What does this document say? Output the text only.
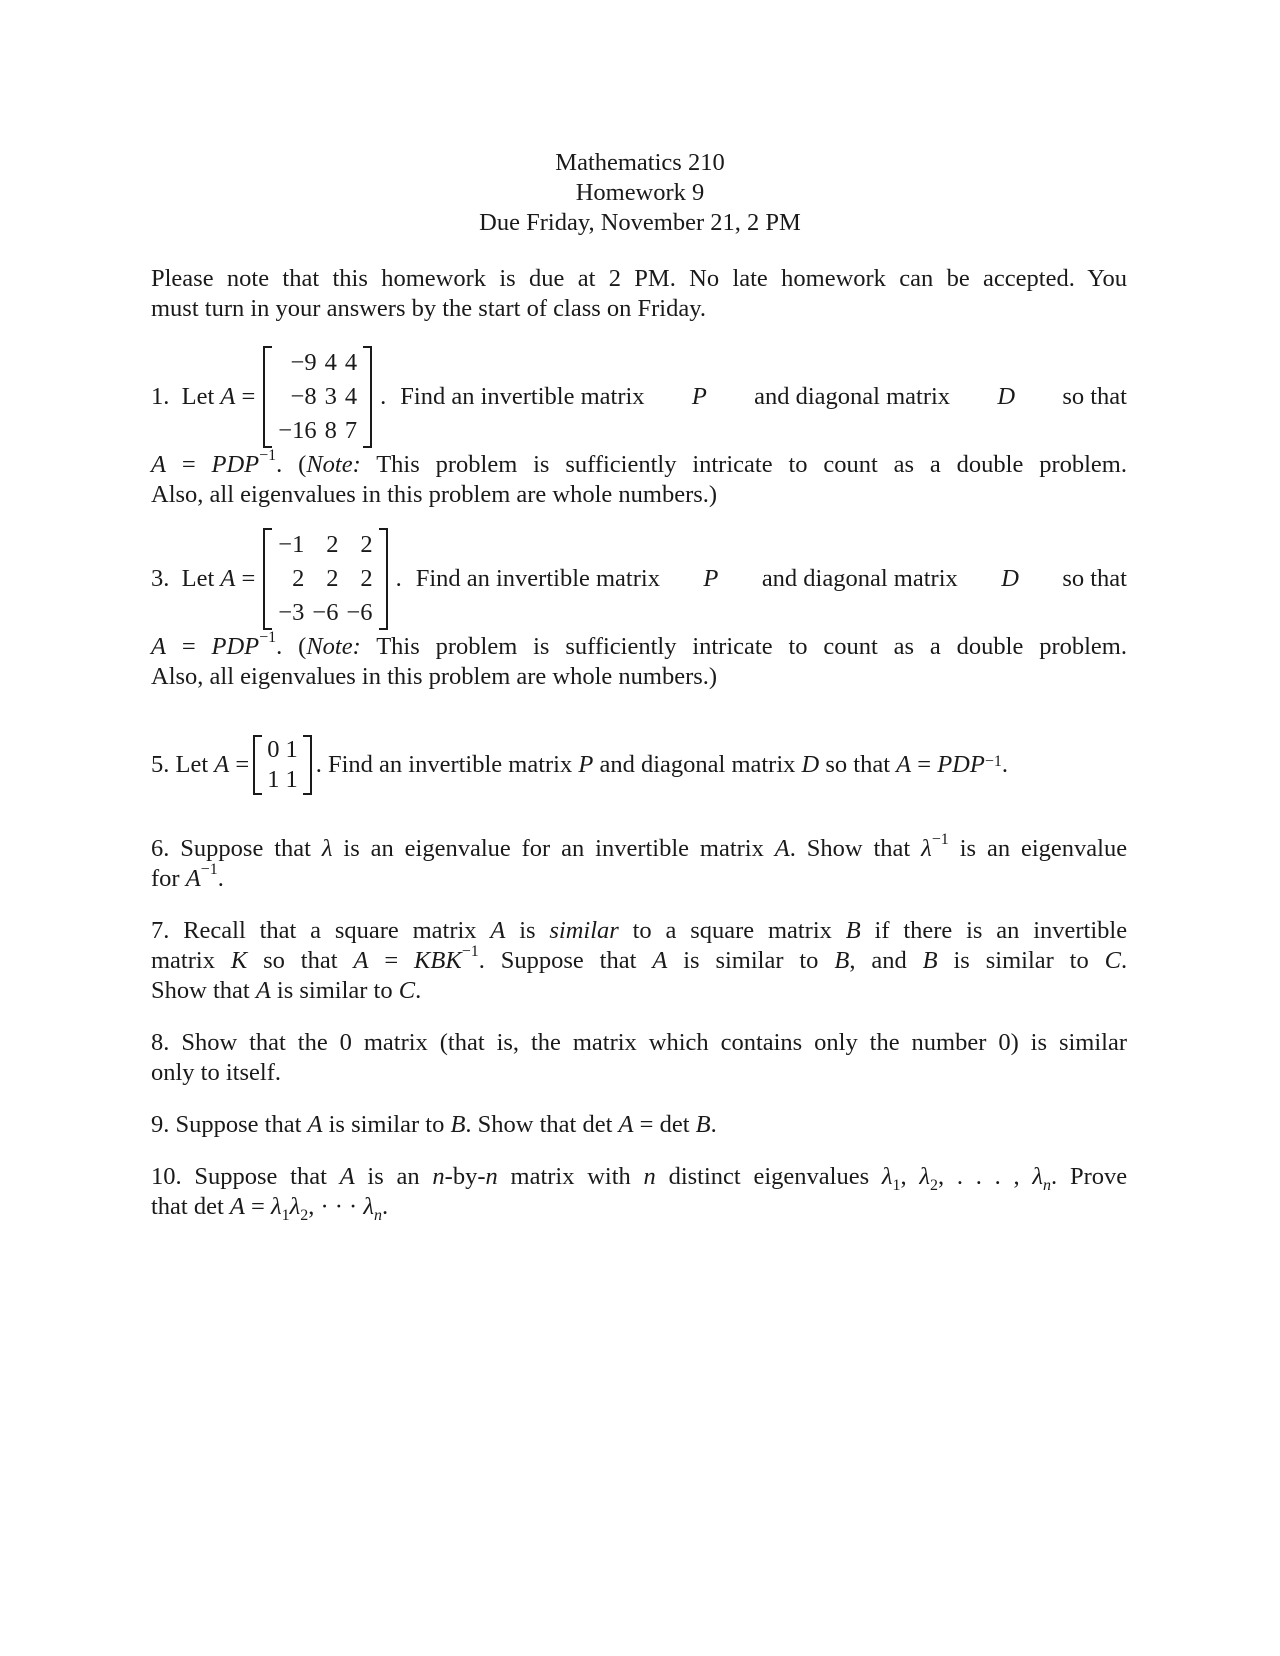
Mathematics 210
Homework 9
Due Friday, November 21, 2 PM
Please note that this homework is due at 2 PM. No late homework can be accepted. You
must turn in your answers by the start of class on Friday.
1.
Let
A =
−9	4	4
−8	3	4
−16	8	7
. Find an invertible matrix P and diagonal matrix D so that
$A = PDP^{-1}$. (Note: This problem is sufficiently intricate to count as a double problem.
Also, all eigenvalues in this problem are whole numbers.)
3.
Let
A =
−1	2	2
2	2	2
−3	−6	−6
. Find an invertible matrix P and diagonal matrix D so that
$A = PDP^{-1}$. (Note: This problem is sufficiently intricate to count as a double problem.
Also, all eigenvalues in this problem are whole numbers.)
5.
Let
A =
0	1
1	1
. Find an invertible matrix
P
and diagonal matrix
D
so that
$A = PDP^{-1}$ .
6. Suppose that λ is an eigenvalue for an invertible matrix A. Show that $\lambda^{-1}$ is an eigenvalue
for $A^{-1}$.
7. Recall that a square matrix A is similar to a square matrix B if there is an invertible
matrix K so that $A = KBK^{-1}$. Suppose that A is similar to B, and B is similar to C.
Show that A is similar to C.
8. Show that the 0 matrix (that is, the matrix which contains only the number 0) is similar
only to itself.
9. Suppose that A is similar to B. Show that det A = det B.
10. Suppose that A is an n-by-n matrix with n distinct eigenvalues $\lambda_1$, $\lambda_2$, . . . , $\lambda_n$. Prove
that $\det A = \lambda_1\lambda_2$, · · · $\lambda_n$.
